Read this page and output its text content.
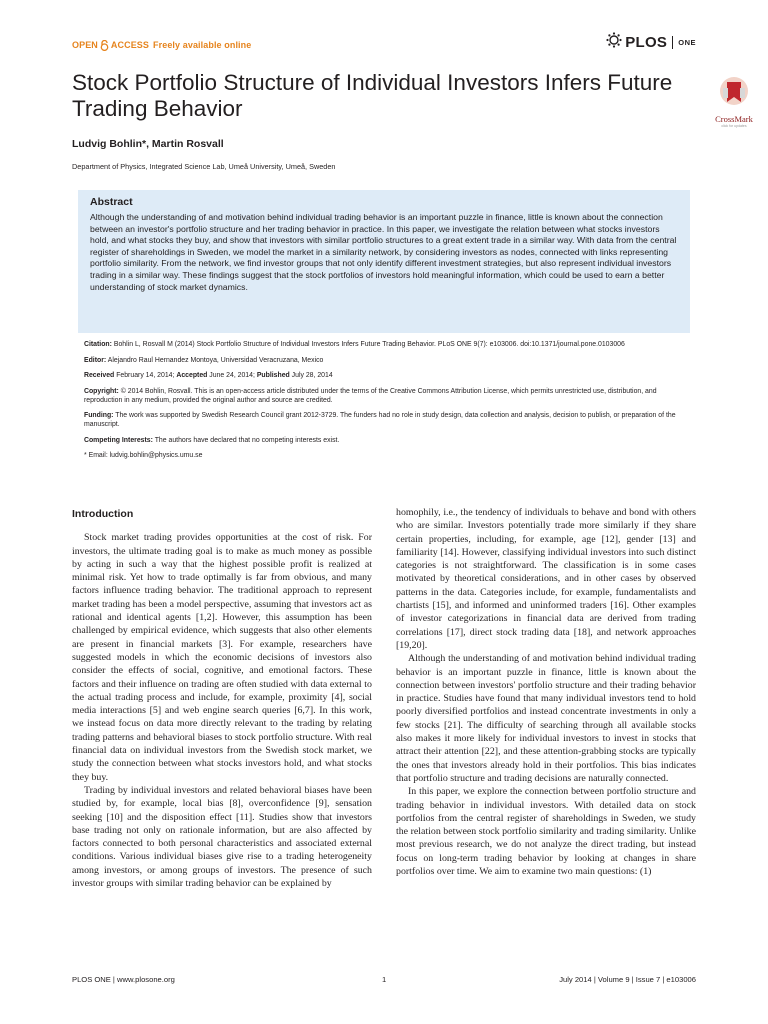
OPEN ACCESS Freely available online	PLOS ONE
Stock Portfolio Structure of Individual Investors Infers Future Trading Behavior	CrossMark
click for updates
Ludvig Bohlin*, Martin Rosvall
Department of Physics, Integrated Science Lab, Umeå University, Umeå, Sweden
Abstract
Although the understanding of and motivation behind individual trading behavior is an important puzzle in finance, little is known about the connection between an investor's portfolio structure and her trading behavior in practice. In this paper, we investigate the relation between what stocks investors hold, and what stocks they buy, and show that investors with similar portfolio structures to a great extent trade in a similar way. With data from the central register of shareholdings in Sweden, we model the market in a similarity network, by considering investors as nodes, connected with links representing portfolio similarity. From the network, we find investor groups that not only identify different investment strategies, but also represent individual investors trading in a similar way. These findings suggest that the stock portfolios of investors hold meaningful information, which could be used to earn a better understanding of stock market dynamics.

Citation: Bohlin L, Rosvall M (2014) Stock Portfolio Structure of Individual Investors Infers Future Trading Behavior. PLoS ONE 9(7): e103006. doi:10.1371/journal.pone.0103006

Editor: Alejandro Raul Hernandez Montoya, Universidad Veracruzana, Mexico

Received February 14, 2014; Accepted June 24, 2014; Published July 28, 2014

Copyright: © 2014 Bohlin, Rosvall. This is an open-access article distributed under the terms of the Creative Commons Attribution License, which permits unrestricted use, distribution, and reproduction in any medium, provided the original author and source are credited.

Funding: The work was supported by Swedish Research Council grant 2012-3729. The funders had no role in study design, data collection and analysis, decision to publish, or preparation of the manuscript.

Competing Interests: The authors have declared that no competing interests exist.

* Email: ludvig.bohlin@physics.umu.se

Introduction

Stock market trading provides opportunities at the cost of risk. For investors, the ultimate trading goal is to make as much money as possible by acting in such a way that the highest possible profit is realized at minimal risk. Yet how to trade optimally is far from obvious, and many factors influence trading behavior. The traditional approach to represent market trading has been a model perspective, assuming that investors act as rational and identical agents [1,2]. However, this assumption has been challenged by empirical evidence, which suggests that also other elements are present in financial markets [3]. For example, researchers have suggested models in which the economic decisions of investors also consider the effects of social, cognitive, and emotional factors. These factors and their influence on trading are often studied with data external to the actual trading process and include, for example, proximity [4], social media interactions [5] and web engine search queries [6,7]. In this work, we instead focus on data more directly relevant to the trading by relating trading patterns and behavioral biases to stock portfolio structure. With real financial data on individual investors from the Swedish stock market, we study the connection between what stocks investors hold, and what stocks they buy.

Trading by individual investors and related behavioral biases have been studied by, for example, local bias [8], overconfidence [9], sensation seeking [10] and the disposition effect [11]. Studies show that investors base trading not only on rationale information, but are also affected by factors connected to both personal characteristics and associated external conditions. Various individual biases give rise to a trading heterogeneity among investors, or among groups of investors. The presence of such investor groups with similar trading behavior can be explained by

homophily, i.e., the tendency of individuals to behave and bond with others who are similar. Investors potentially trade more similarly if they share certain properties, including, for example, age [12], gender [13] and familiarity [14]. However, classifying individual investors into such distinct categories is not straightforward. The classification is in some cases motivated by theoretical considerations, and in other cases by observed patterns in the data. Categories include, for example, fundamentalists and chartists [15], and informed and uninformed traders [16]. Other examples of investor categorizations in financial data are derived from trading correlations [17], direct stock trading data [18], and network approaches [19,20].

Although the understanding of and motivation behind individual trading behavior is an important puzzle in finance, little is known about the connection between investors' portfolio structure and their trading behavior in practice. Studies have found that many individual investors tend to hold poorly diversified portfolios and instead concentrate investments in only a few stocks [21]. The difficulty of searching through all available stocks also makes it more likely for individual investors to invest in stocks that attract their attention [22], and these attention-grabbing stocks are typically the ones that investors already hold in their portfolios. This bias indicates that portfolio structure and trading decisions are naturally connected.

In this paper, we explore the connection between portfolio structure and trading behavior in individual investors. With detailed data on stock portfolios from the central register of shareholdings in Sweden, we study the relation between stock portfolio similarity and trading similarity. Unlike most previous research, we do not analyze the direct trading, but instead focus on long-term trading behavior by looking at changes in share portfolios over time. We aim to examine two main questions: (1)

PLOS ONE | www.plosone.org	1	July 2014 | Volume 9 | Issue 7 | e103006
